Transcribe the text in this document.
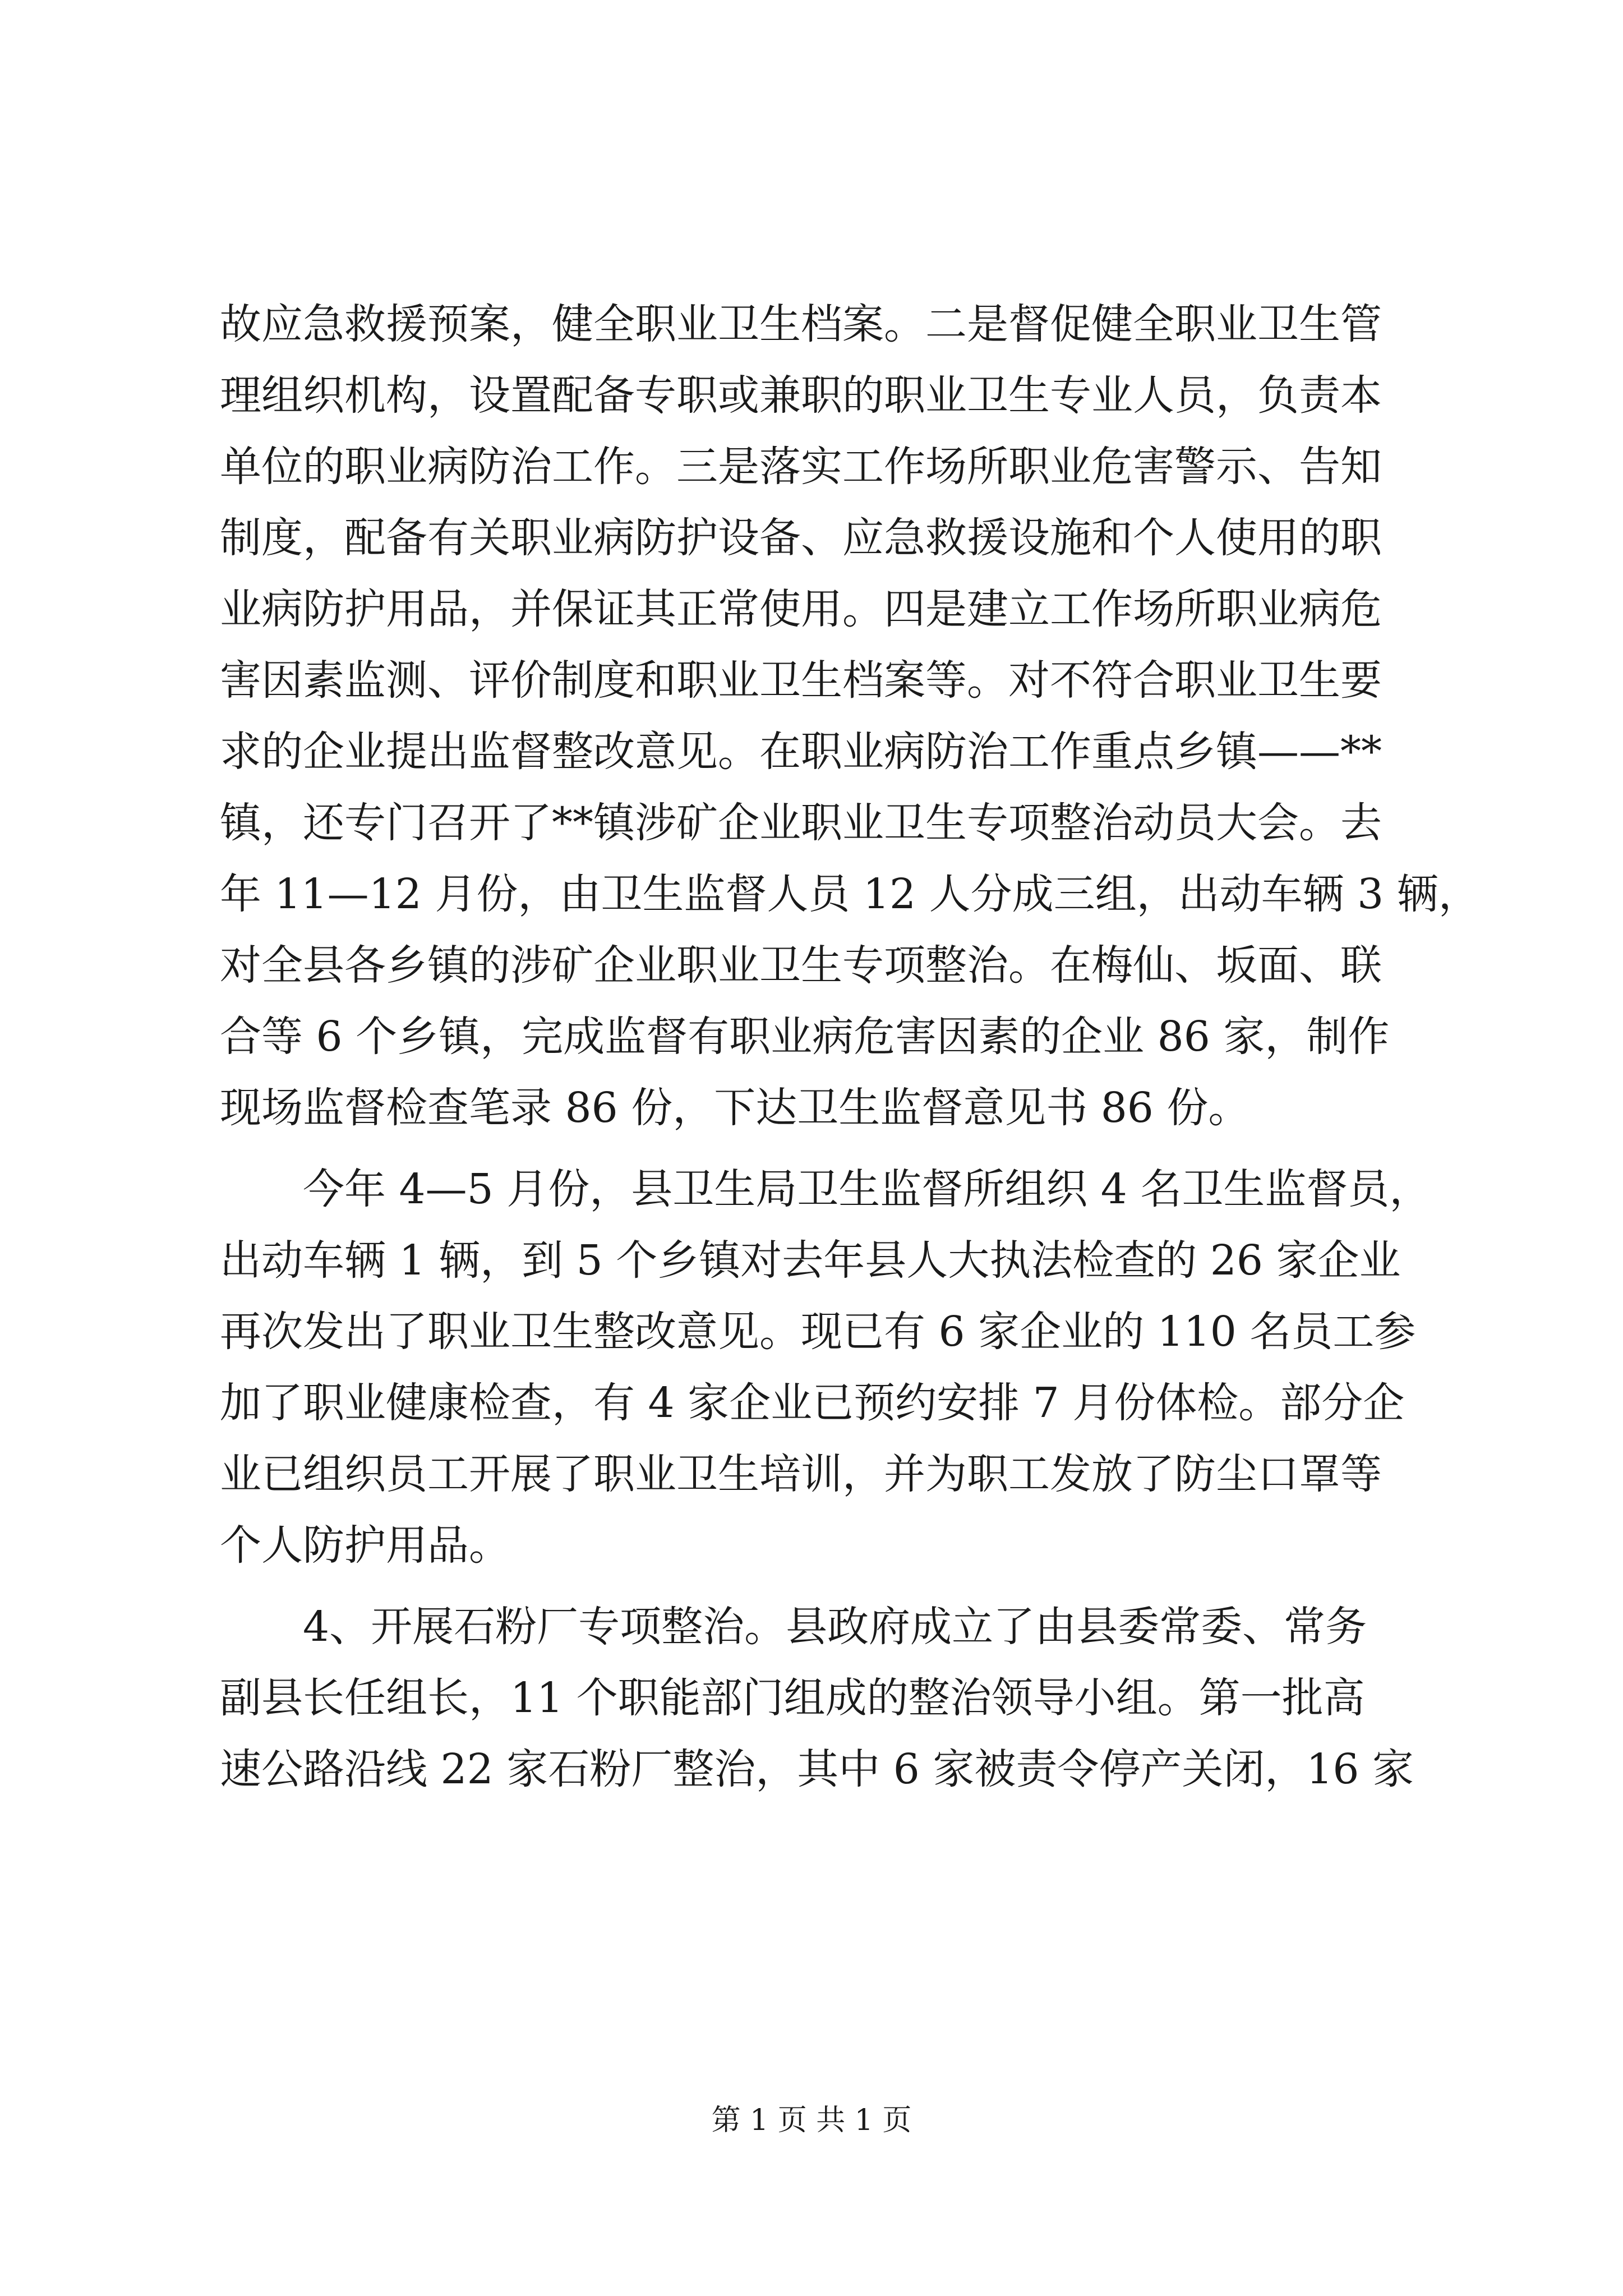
故应急救援预案，健全职业卫生档案。二是督促健全职业卫生管
理组织机构，设置配备专职或兼职的职业卫生专业人员，负责本
单位的职业病防治工作。三是落实工作场所职业危害警示、告知
制度，配备有关职业病防护设备、应急救援设施和个人使用的职
业病防护用品，并保证其正常使用。四是建立工作场所职业病危
害因素监测、评价制度和职业卫生档案等。对不符合职业卫生要
求的企业提出监督整改意见。在职业病防治工作重点乡镇——**
镇，还专门召开了**镇涉矿企业职业卫生专项整治动员大会。去
年 11—12 月份，由卫生监督人员 12 人分成三组，出动车辆 3 辆，
对全县各乡镇的涉矿企业职业卫生专项整治。在梅仙、坂面、联
合等 6 个乡镇，完成监督有职业病危害因素的企业 86 家，制作
现场监督检查笔录 86 份，下达卫生监督意见书 86 份。
今年 4—5 月份，县卫生局卫生监督所组织 4 名卫生监督员，
出动车辆 1 辆，到 5 个乡镇对去年县人大执法检查的 26 家企业
再次发出了职业卫生整改意见。现已有 6 家企业的 110 名员工参
加了职业健康检查，有 4 家企业已预约安排 7 月份体检。部分企
业已组织员工开展了职业卫生培训，并为职工发放了防尘口罩等
个人防护用品。
4、开展石粉厂专项整治。县政府成立了由县委常委、常务
副县长任组长，11 个职能部门组成的整治领导小组。第一批高
速公路沿线 22 家石粉厂整治，其中 6 家被责令停产关闭，16 家
第 1 页 共 1 页
